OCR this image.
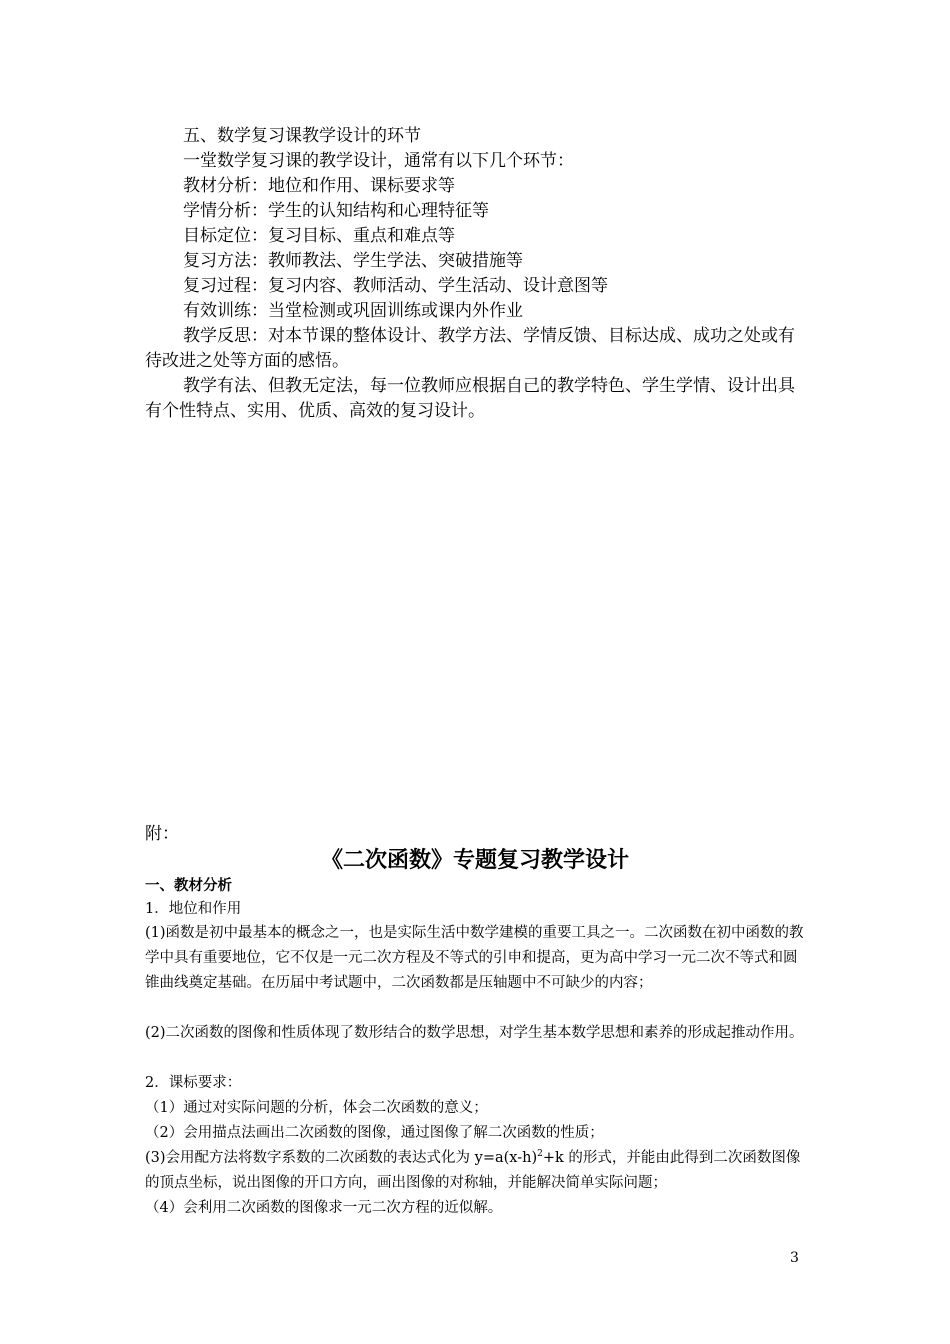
五、数学复习课教学设计的环节

一堂数学复习课的教学设计，通常有以下几个环节：

教材分析：地位和作用、课标要求等

学情分析：学生的认知结构和心理特征等

目标定位：复习目标、重点和难点等

复习方法：教师教法、学生学法、突破措施等

复习过程：复习内容、教师活动、学生活动、设计意图等

有效训练：当堂检测或巩固训练或课内外作业

教学反思：对本节课的整体设计、教学方法、学情反馈、目标达成、成功之处或有待改进之处等方面的感悟。

教学有法、但教无定法，每一位教师应根据自己的教学特色、学生学情、设计出具有个性特点、实用、优质、高效的复习设计。

附：

《二次函数》专题复习教学设计

一、教材分析

1．地位和作用

(1)函数是初中最基本的概念之一，也是实际生活中数学建模的重要工具之一。二次函数在初中函数的教学中具有重要地位，它不仅是一元二次方程及不等式的引申和提高，更为高中学习一元二次不等式和圆锥曲线奠定基础。在历届中考试题中，二次函数都是压轴题中不可缺少的内容；

(2)二次函数的图像和性质体现了数形结合的数学思想，对学生基本数学思想和素养的形成起推动作用。

2．课标要求：

（1）通过对实际问题的分析，体会二次函数的意义；

（2）会用描点法画出二次函数的图像，通过图像了解二次函数的性质；

(3)会用配方法将数字系数的二次函数的表达式化为 $y=a(x-h)^2+k$ 的形式，并能由此得到二次函数图像的顶点坐标，说出图像的开口方向，画出图像的对称轴，并能解决简单实际问题；

（4）会利用二次函数的图像求一元二次方程的近似解。

3
